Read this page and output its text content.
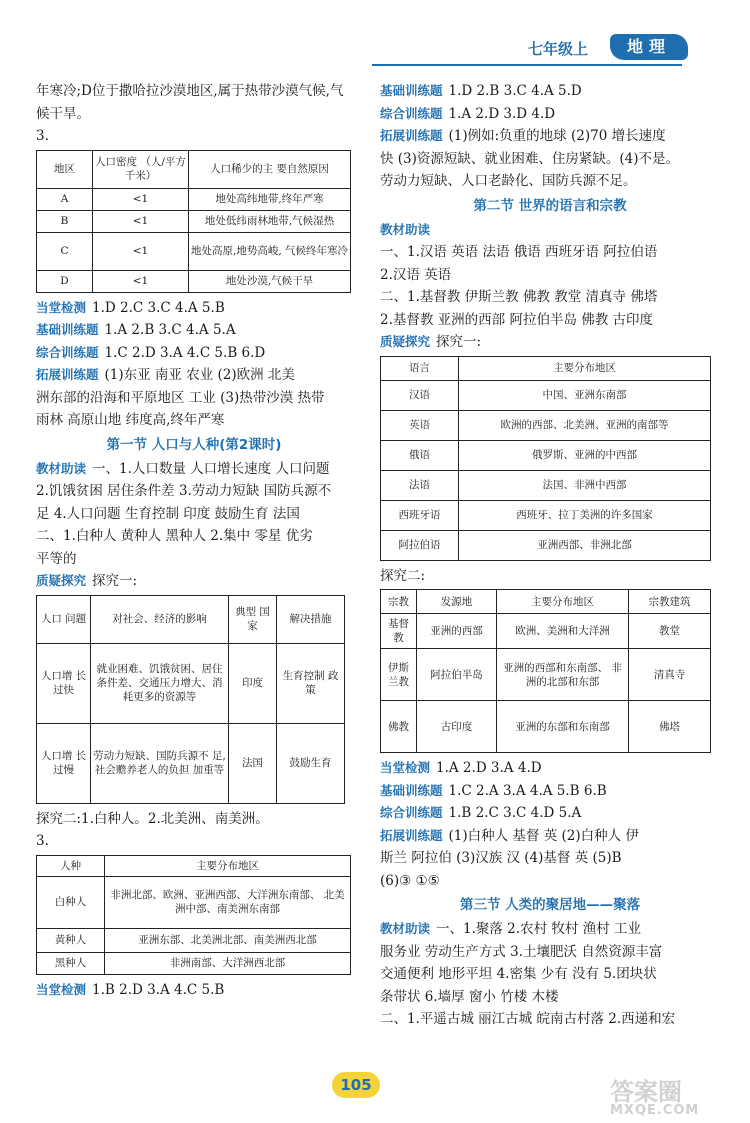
七年级上	地理
年寒冷;D位于撒哈拉沙漠地区,属于热带沙漠气候,气
候干旱。
3.
地区	人口密度 （人/平方千米）	人口稀少的主 要自然原因
A	<1	地处高纬地带,终年严寒
B	<1	地处低纬雨林地带,气候湿热
C	<1	地处高原,地势高峻, 气候终年寒冷
D	<1	地处沙漠,气候干旱
当堂检测 1.D 2.C 3.C 4.A 5.B
基础训练题 1.A 2.B 3.C 4.A 5.A
综合训练题 1.C 2.D 3.A 4.C 5.B 6.D
拓展训练题 (1)东亚 南亚 农业 (2)欧洲 北美
洲东部的沿海和平原地区 工业 (3)热带沙漠 热带
雨林 高原山地 纬度高,终年严寒
第一节 人口与人种(第2课时)
教材助读 一、1.人口数量 人口增长速度 人口问题
2.饥饿贫困 居住条件差 3.劳动力短缺 国防兵源不
足 4.人口问题 生育控制 印度 鼓励生育 法国
二、1.白种人 黄种人 黑种人 2.集中 零星 优劣
平等的
质疑探究 探究一:
人口 问题	对社会、经济的影响	典型 国家	解决措施
人口增 长过快	就业困难、饥饿贫困、居住 条件差、交通压力增大、消 耗更多的资源等	印度	生育控制 政策
人口增 长过慢	劳动力短缺、国防兵源不 足,社会赡养老人的负担 加重等	法国	鼓励生育
探究二:1.白种人。2.北美洲、南美洲。
3.
人种	主要分布地区
白种人	非洲北部、欧洲、亚洲西部、大洋洲东南部、 北美洲中部、南美洲东南部
黄种人	亚洲东部、北美洲北部、南美洲西北部
黑种人	非洲南部、大洋洲西北部
当堂检测 1.B 2.D 3.A 4.C 5.B
基础训练题 1.D 2.B 3.C 4.A 5.D
综合训练题 1.A 2.D 3.D 4.D
拓展训练题 (1)例如:负重的地球 (2)70 增长速度
快 (3)资源短缺、就业困难、住房紧缺。(4)不是。
劳动力短缺、人口老龄化、国防兵源不足。
第二节 世界的语言和宗教
教材助读
一、1.汉语 英语 法语 俄语 西班牙语 阿拉伯语
2.汉语 英语
二、1.基督教 伊斯兰教 佛教 教堂 清真寺 佛塔
2.基督教 亚洲的西部 阿拉伯半岛 佛教 古印度
质疑探究 探究一:
语言	主要分布地区
汉语	中国、亚洲东南部
英语	欧洲的西部、北美洲、亚洲的南部等
俄语	俄罗斯、亚洲的中西部
法语	法国、非洲中西部
西班牙语	西班牙、拉丁美洲的许多国家
阿拉伯语	亚洲西部、非洲北部
探究二:
宗教	发源地	主要分布地区	宗教建筑
基督教	亚洲的西部	欧洲、美洲和大洋洲	教堂
伊斯 兰教	阿拉伯半岛	亚洲的西部和东南部、 非洲的北部和东部	清真寺
佛教	古印度	亚洲的东部和东南部	佛塔
当堂检测 1.A 2.D 3.A 4.D
基础训练题 1.C 2.A 3.A 4.A 5.B 6.B
综合训练题 1.B 2.C 3.C 4.D 5.A
拓展训练题 (1)白种人 基督 英 (2)白种人 伊
斯兰 阿拉伯 (3)汉族 汉 (4)基督 英 (5)B
(6)③ ①⑤
第三节 人类的聚居地——聚落
教材助读 一、1.聚落 2.农村 牧村 渔村 工业
服务业 劳动生产方式 3.土壤肥沃 自然资源丰富
交通便利 地形平坦 4.密集 少有 没有 5.团块状
条带状 6.墙厚 窗小 竹楼 木楼
二、1.平遥古城 丽江古城 皖南古村落 2.西递和宏
105	答案圈
MXQE.COM
